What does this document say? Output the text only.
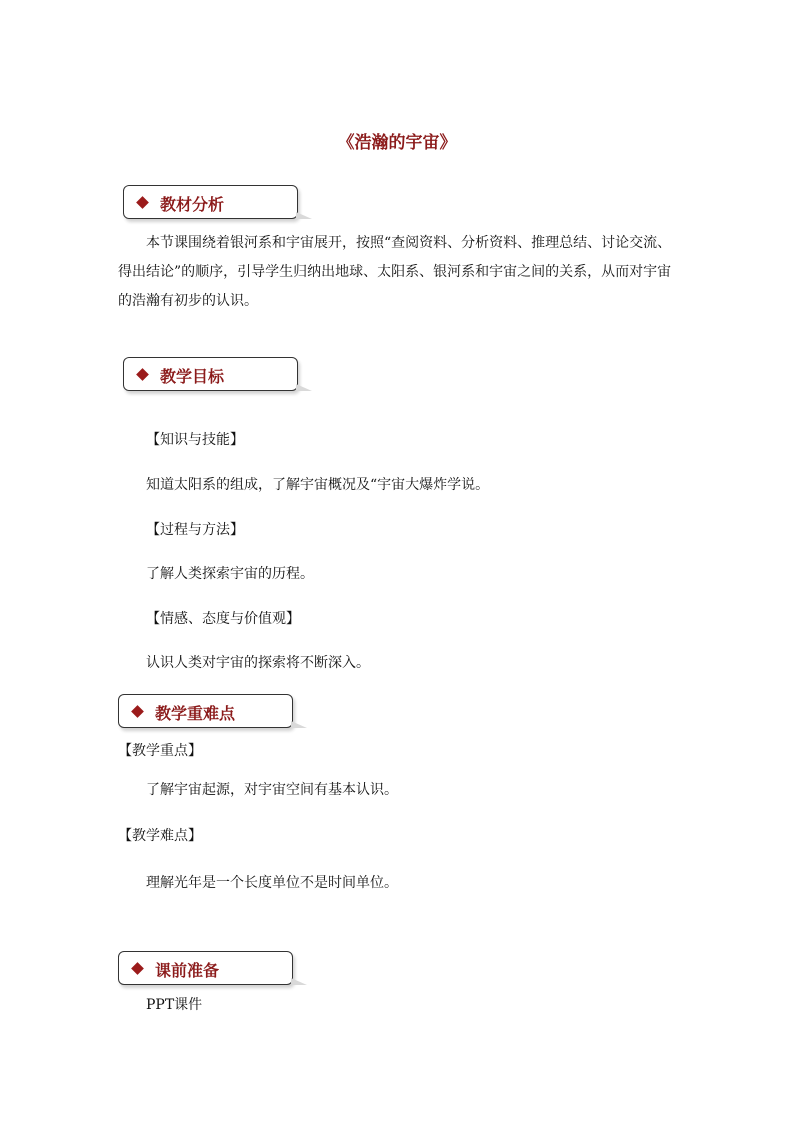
《浩瀚的宇宙》
教材分析

本节课围绕着银河系和宇宙展开，按照“查阅资料、分析资料、推理总结、讨论交流、得出结论”的顺序，引导学生归纳出地球、太阳系、银河系和宇宙之间的关系，从而对宇宙的浩瀚有初步的认识。

教学目标

【知识与技能】

知道太阳系的组成，了解宇宙概况及“宇宙大爆炸学说。

【过程与方法】

了解人类探索宇宙的历程。

【情感、态度与价值观】

认识人类对宇宙的探索将不断深入。

教学重难点

【教学重点】

了解宇宙起源，对宇宙空间有基本认识。

【教学难点】

理解光年是一个长度单位不是时间单位。

课前准备

PPT课件
